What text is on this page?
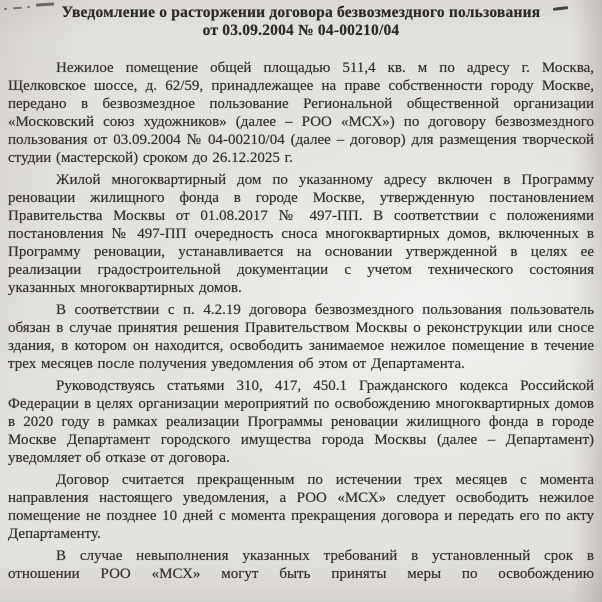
Уведомление о расторжении договора безвозмездного пользования
от 03.09.2004 № 04-00210/04

Нежилое помещение общей площадью 511,4 кв. м по адресу г. Москва, Щелковское шоссе, д. 62/59, принадлежащее на праве собственности городу Москве, передано в безвозмездное пользование Региональной общественной организации «Московский союз художников» (далее – РОО «МСХ») по договору безвозмездного пользования от 03.09.2004 № 04-00210/04 (далее – договор) для размещения творческой студии (мастерской) сроком до 26.12.2025 г.

Жилой многоквартирный дом по указанному адресу включен в Программу реновации жилищного фонда в городе Москве, утвержденную постановлением Правительства Москвы от 01.08.2017 № 497-ПП. В соответствии с положениями постановления № 497-ПП очередность сноса многоквартирных домов, включенных в Программу реновации, устанавливается на основании утвержденной в целях ее реализации градостроительной документации с учетом технического состояния указанных многоквартирных домов.

В соответствии с п. 4.2.19 договора безвозмездного пользования пользователь обязан в случае принятия решения Правительством Москвы о реконструкции или сносе здания, в котором он находится, освободить занимаемое нежилое помещение в течение трех месяцев после получения уведомления об этом от Департамента.

Руководствуясь статьями 310, 417, 450.1 Гражданского кодекса Российской Федерации в целях организации мероприятий по освобождению многоквартирных домов в 2020 году в рамках реализации Программы реновации жилищного фонда в городе Москве Департамент городского имущества города Москвы (далее – Департамент) уведомляет об отказе от договора.

Договор считается прекращенным по истечении трех месяцев с момента направления настоящего уведомления, а РОО «МСХ» следует освободить нежилое помещение не позднее 10 дней с момента прекращения договора и передать его по акту Департаменту.

В случае невыполнения указанных требований в установленный срок в отношении РОО «МСХ» могут быть приняты меры по освобождению
